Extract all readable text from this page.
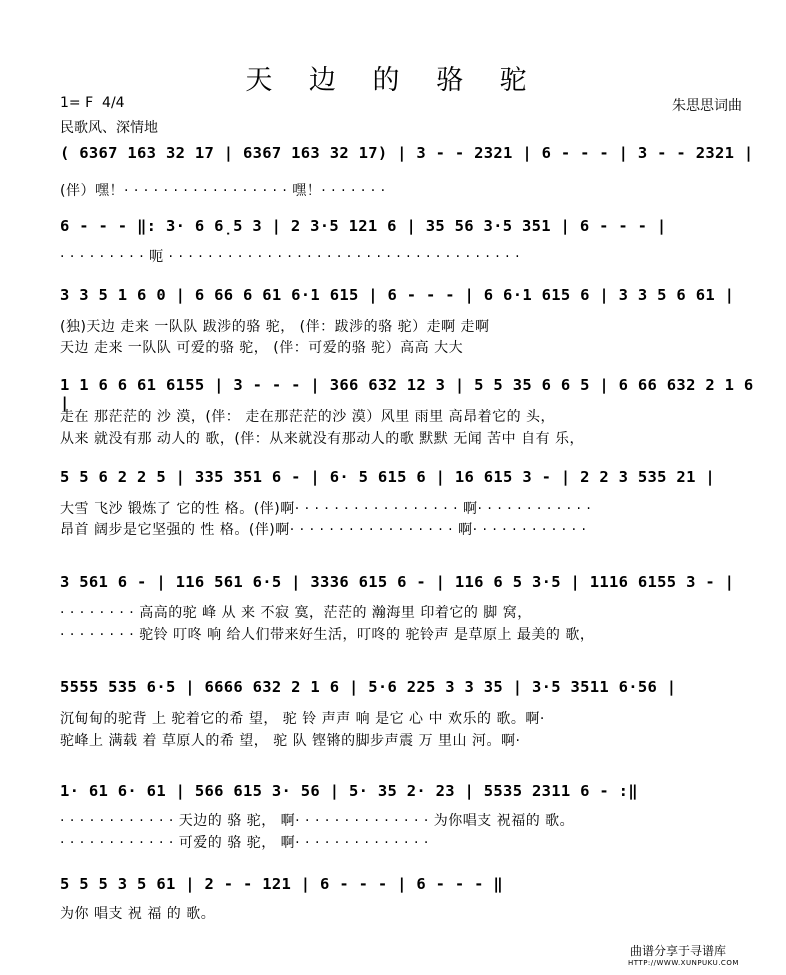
天 边 的 骆 驼
1= F  4/4
民歌风、深情地
朱思思词曲
( 6367 163 32 17 | 6367 163 32 17) | 3 - - 2321 | 6 - - - | 3 - - 2321 |
(伴）嘿！· · · · · · · · · · · · · · · · · 嘿！· · · · · · ·
6 - - - ‖: 3· 6 6̣5 3 | 2 3·5 121 6 | 35 56 3·5 351 | 6 - - - |
· · · · · · · · · 呃 · · · · · · · · · · · · · · · · · · · · · · · · · · · · · · · · · · · ·
3 3 5 1 6 0 | 6 66 6 61 6·1 615 | 6 - - - | 6 6·1 615 6 | 3 3 5 6 61 |
(独)天边 走来 一队队 跋涉的骆 驼， (伴：跋涉的骆 驼）走啊 走啊
天边 走来 一队队 可爱的骆 驼， (伴：可爱的骆 驼）高高 大大
1 1 6 6 61 6155 | 3 - - - | 366 632 12 3 | 5 5 35 6 6 5 | 6 66 632 2 1 6 |
走在 那茫茫的 沙 漠，(伴： 走在那茫茫的沙 漠）风里 雨里 高昂着它的 头，
从来 就没有那 动人的 歌，(伴：从来就没有那动人的歌 默默 无闻 苦中 自有 乐，
5 5 6 2 2 5 | 335 351 6 - | 6· 5 615 6 | 16 615 3 - | 2 2 3 535 21 |
大雪 飞沙 锻炼了 它的性 格。(伴)啊· · · · · · · · · · · · · · · · · 啊· · · · · · · · · · · ·
昂首 阔步是它坚强的 性 格。(伴)啊· · · · · · · · · · · · · · · · · 啊· · · · · · · · · · · ·
3 561 6 - | 116 561 6·5 | 3336 615 6 - | 116 6 5 3·5 | 1116 6155 3 - |
· · · · · · · · 高高的驼 峰 从 来 不寂 寞，茫茫的 瀚海里 印着它的 脚 窝，
· · · · · · · · 驼铃 叮咚 响 给人们带来好生活，叮咚的 驼铃声 是草原上 最美的 歌，
5555 535 6·5 | 6666 632 2 1 6 | 5·6 225 3 3 35 | 3·5 3511 6·56 |
沉甸甸的驼背 上 驼着它的希 望， 驼 铃 声声 响 是它 心 中 欢乐的 歌。啊·
驼峰上 满载 着 草原人的希 望， 驼 队 铿锵的脚步声震 万 里山 河。啊·
1· 61 6· 61 | 566 615 3· 56 | 5· 35 2· 23 | 5535 2311 6 - :‖
· · · · · · · · · · · · 天边的 骆 驼， 啊· · · · · · · · · · · · · · 为你唱支 祝福的 歌。
· · · · · · · · · · · · 可爱的 骆 驼， 啊· · · · · · · · · · · · · ·
5 5 5 3 5 61 | 2 - - 121 | 6 - - - | 6 - - - ‖
为你 唱支 祝 福 的 歌。
曲谱分享于寻谱库
HTTP://WWW.XUNPUKU.COM
